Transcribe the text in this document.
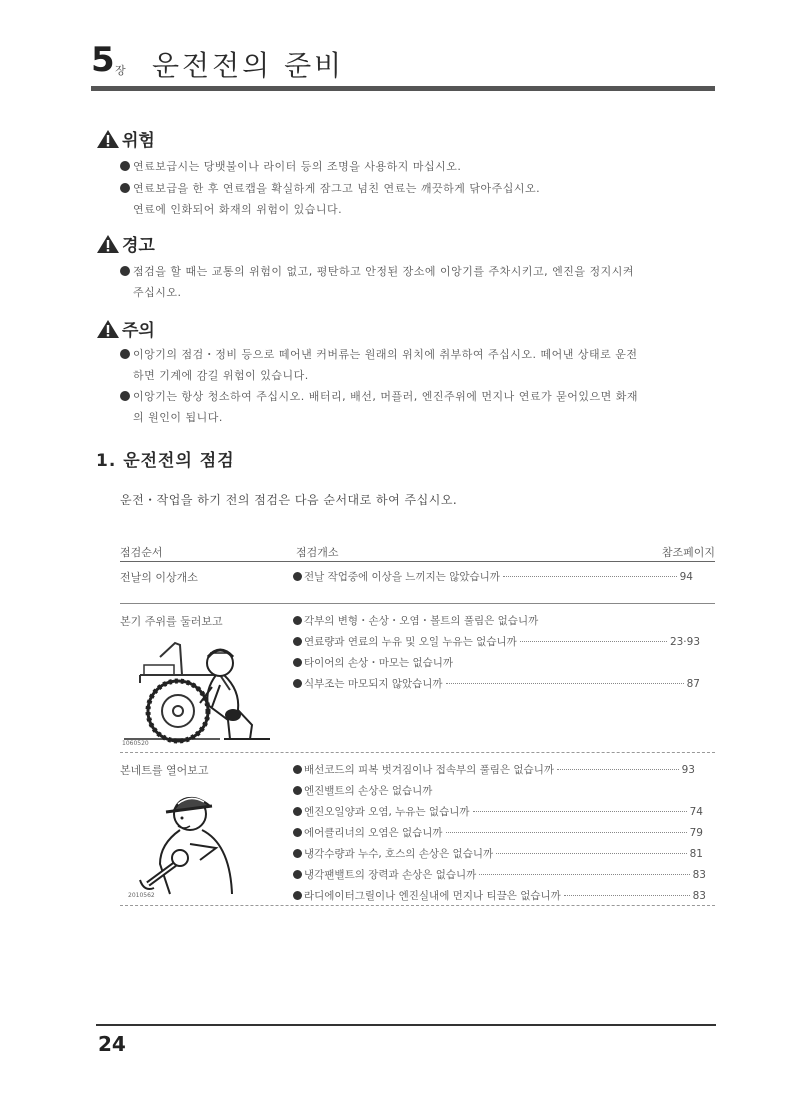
5 장 운전전의 준비
위험
연료보급시는 당뱃불이나 라이터 등의 조명을 사용하지 마십시오.
연료보급을 한 후 연료캡을 확실하게 잠그고 넘친 연료는 깨끗하게 닦아주십시오.
연료에 인화되어 화재의 위험이 있습니다.
경고
점검을 할 때는 교통의 위험이 없고, 평탄하고 안정된 장소에 이앙기를 주차시키고, 엔진을 정지시켜
주십시오.
주의
이앙기의 점검・정비 등으로 떼어낸 커버류는 원래의 위치에 취부하여 주십시오. 떼어낸 상태로 운전
하면 기계에 감길 위험이 있습니다.
이앙기는 항상 청소하여 주십시오. 배터리, 배선, 머플러, 엔진주위에 먼지나 연료가 묻어있으면 화재
의 원인이 됩니다.
1. 운전전의 점검
운전・작업을 하기 전의 점검은 다음 순서대로 하여 주십시오.
점검순서	점검개소	참조페이지
전날의 이상개소	전날 작업중에 이상을 느끼지는 않았습니까	94
본기 주위를 둘러보고
1060520
각부의 변형・손상・오염・볼트의 풀림은 없습니까
연료량과 연료의 누유 및 오일 누유는 없습니까	23·93
타이어의 손상・마모는 없습니까
식부조는 마모되지 않았습니까	87
본네트를 열어보고
2010562
배선코드의 피복 벗겨짐이나 접속부의 풀림은 없습니까	93
엔진밸트의 손상은 없습니까
엔진오일양과 오염, 누유는 없습니까	74
에어클리너의 오염은 없습니까	79
냉각수량과 누수, 호스의 손상은 없습니까	81
냉각팬밸트의 장력과 손상은 없습니까	83
라디에이터그릴이나 엔진실내에 먼지나 티끌은 없습니까	83
24
